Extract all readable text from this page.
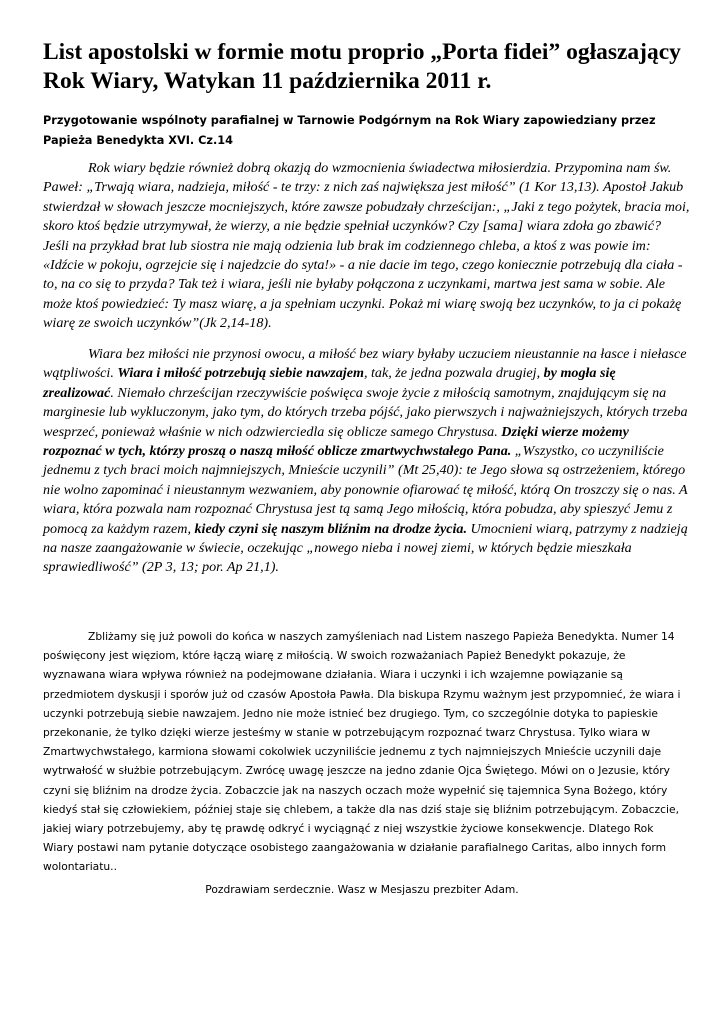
List apostolski w formie motu proprio „Porta fidei” ogłaszający Rok Wiary, Watykan 11 października 2011 r.

Przygotowanie wspólnoty parafialnej w Tarnowie Podgórnym na Rok Wiary zapowiedziany przez Papieża Benedykta XVI. Cz.14

Rok wiary będzie również dobrą okazją do wzmocnienia świadectwa miłosierdzia. Przypomina nam św. Paweł: „Trwają wiara, nadzieja, miłość - te trzy: z nich zaś największa jest miłość” (1 Kor 13,13). Apostoł Jakub stwierdzał w słowach jeszcze mocniejszych, które zawsze pobudzały chrześcijan:, „Jaki z tego pożytek, bracia moi, skoro ktoś będzie utrzymywał, że wierzy, a nie będzie spełniał uczynków? Czy [sama] wiara zdoła go zbawić? Jeśli na przykład brat lub siostra nie mają odzienia lub brak im codziennego chleba, a ktoś z was powie im: «Idźcie w pokoju, ogrzejcie się i najedzcie do syta!» - a nie dacie im tego, czego koniecznie potrzebują dla ciała - to, na co się to przyda? Tak też i wiara, jeśli nie byłaby połączona z uczynkami, martwa jest sama w sobie. Ale może ktoś powiedzieć: Ty masz wiarę, a ja spełniam uczynki. Pokaż mi wiarę swoją bez uczynków, to ja ci pokażę wiarę ze swoich uczynków”(Jk 2,14-18).

Wiara bez miłości nie przynosi owocu, a miłość bez wiary byłaby uczuciem nieustannie na łasce i niełasce wątpliwości. Wiara i miłość potrzebują siebie nawzajem, tak, że jedna pozwala drugiej, by mogła się zrealizować. Niemało chrześcijan rzeczywiście poświęca swoje życie z miłością samotnym, znajdującym się na marginesie lub wykluczonym, jako tym, do których trzeba pójść, jako pierwszych i najważniejszych, których trzeba wesprzeć, ponieważ właśnie w nich odzwierciedla się oblicze samego Chrystusa. Dzięki wierze możemy rozpoznać w tych, którzy proszą o naszą miłość oblicze zmartwychwstałego Pana. „Wszystko, co uczyniliście jednemu z tych braci moich najmniejszych, Mnieście uczynili” (Mt 25,40): te Jego słowa są ostrzeżeniem, którego nie wolno zapominać i nieustannym wezwaniem, aby ponownie ofiarować tę miłość, którą On troszczy się o nas. A wiara, która pozwala nam rozpoznać Chrystusa jest tą samą Jego miłością, która pobudza, aby spieszyć Jemu z pomocą za każdym razem, kiedy czyni się naszym bliźnim na drodze życia. Umocnieni wiarą, patrzymy z nadzieją na nasze zaangażowanie w świecie, oczekując „nowego nieba i nowej ziemi, w których będzie mieszkała sprawiedliwość” (2P 3, 13; por. Ap 21,1).

Zbliżamy się już powoli do końca w naszych zamyśleniach nad Listem naszego Papieża Benedykta. Numer 14 poświęcony jest więziom, które łączą wiarę z miłością. W swoich rozważaniach Papież Benedykt pokazuje, że wyznawana wiara wpływa również na podejmowane działania. Wiara i uczynki i ich wzajemne powiązanie są przedmiotem dyskusji i sporów już od czasów Apostoła Pawła. Dla biskupa Rzymu ważnym jest przypomnieć, że wiara i uczynki potrzebują siebie nawzajem. Jedno nie może istnieć bez drugiego. Tym, co szczególnie dotyka to papieskie przekonanie, że tylko dzięki wierze jesteśmy w stanie w potrzebującym rozpoznać twarz Chrystusa. Tylko wiara w Zmartwychwstałego, karmiona słowami cokolwiek uczyniliście jednemu z tych najmniejszych Mnieście uczynili daje wytrwałość w służbie potrzebującym. Zwrócę uwagę jeszcze na jedno zdanie Ojca Świętego. Mówi on o Jezusie, który czyni się bliźnim na drodze życia. Zobaczcie jak na naszych oczach może wypełnić się tajemnica Syna Bożego, który kiedyś stał się człowiekiem, później staje się chlebem, a także dla nas dziś staje się bliźnim potrzebującym. Zobaczcie, jakiej wiary potrzebujemy, aby tę prawdę odkryć i wyciągnąć z niej wszystkie życiowe konsekwencje. Dlatego Rok Wiary postawi nam pytanie dotyczące osobistego zaangażowania w działanie parafialnego Caritas, albo innych form wolontariatu..

Pozdrawiam serdecznie. Wasz w Mesjaszu prezbiter Adam.
